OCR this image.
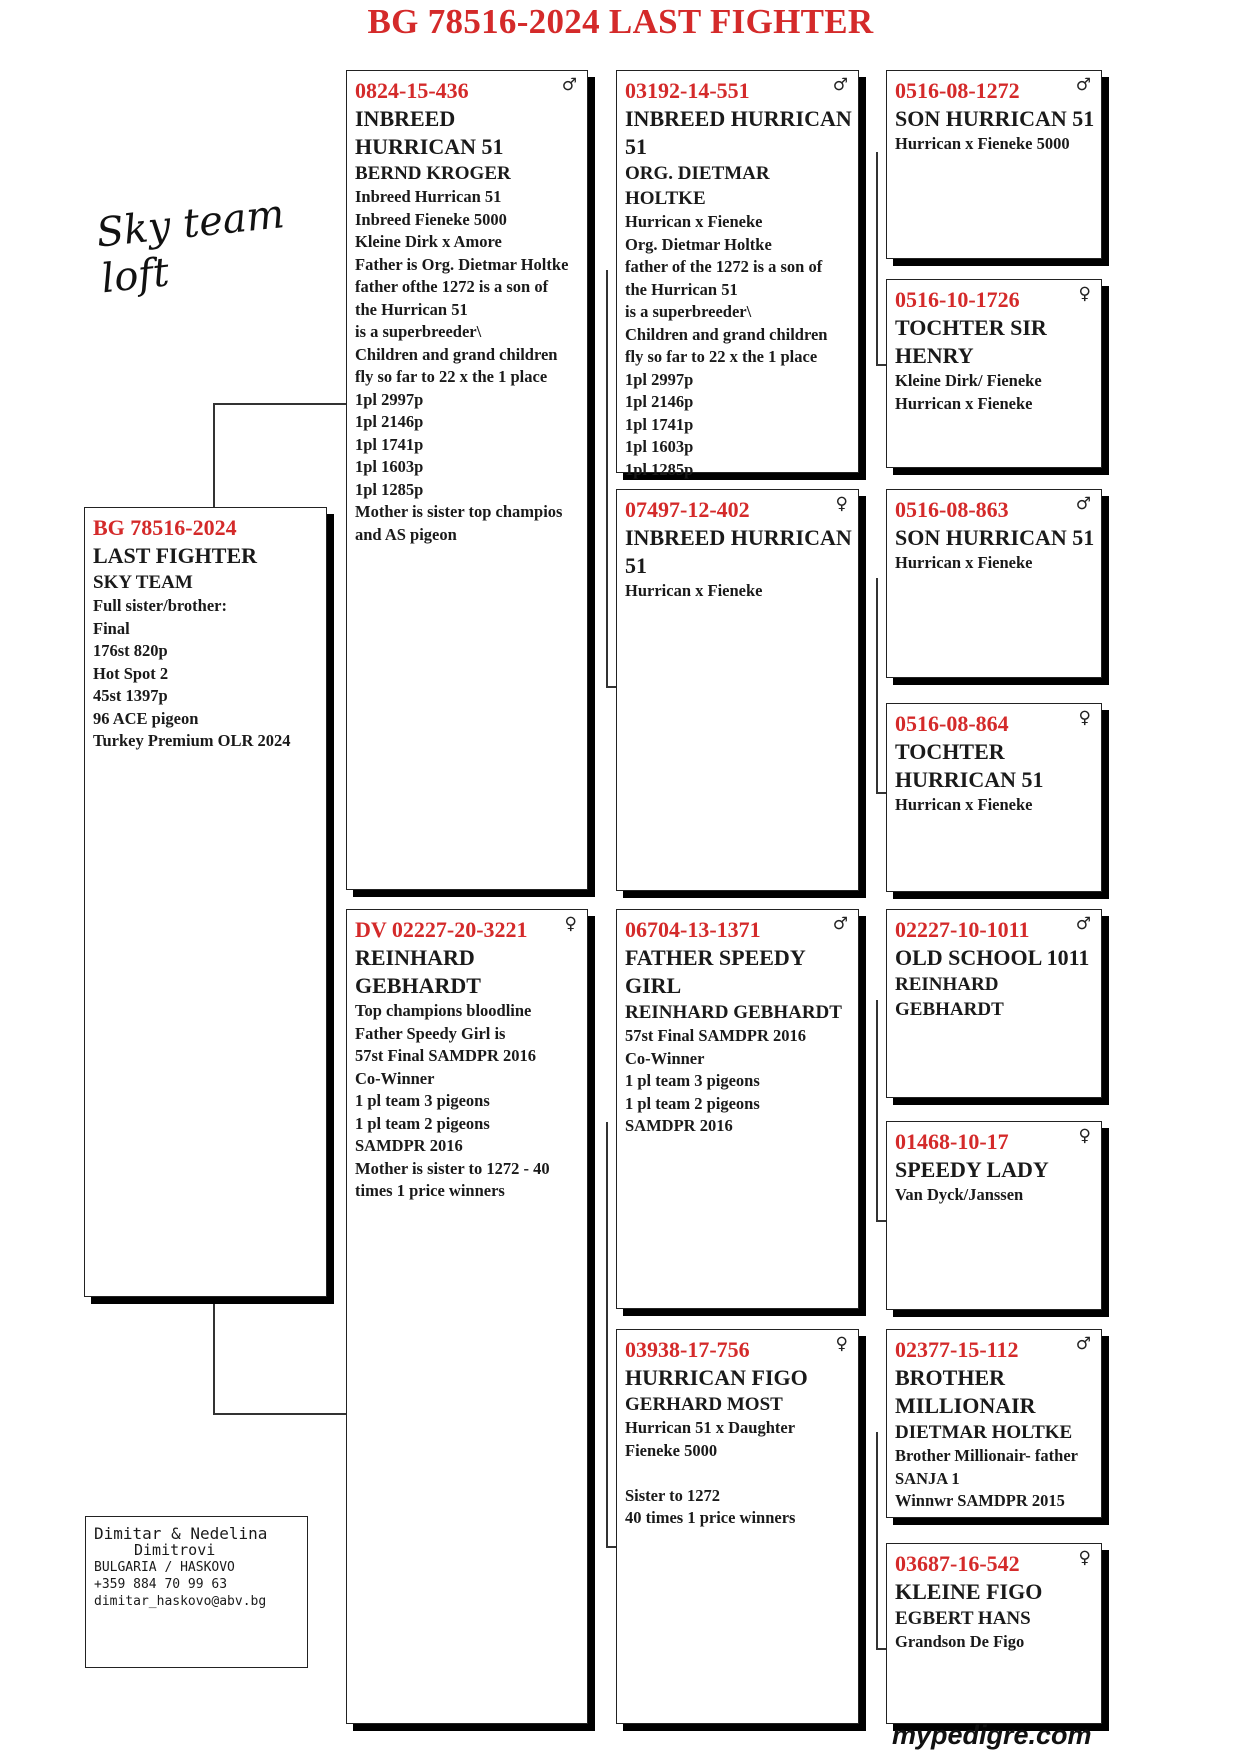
BG 78516-2024 LAST FIGHTER
Sky team loft
BG 78516-2024
LAST FIGHTER
SKY TEAM
Full sister/brother:
Final
176st 820p
Hot Spot 2
45st 1397p
96 ACE pigeon
Turkey Premium OLR 2024
♂
0824-15-436
INBREED HURRICAN 51
BERND KROGER
Inbreed Hurrican 51
Inbreed Fieneke 5000
Kleine Dirk x Amore
Father is Org. Dietmar Holtke
father ofthe 1272 is a son of
the Hurrican 51
is a superbreeder\
Children and grand children
fly so far to 22 x the 1 place
1pl 2997p
1pl 2146p
1pl 1741p
1pl 1603p
1pl 1285p
Mother is sister top champios
and AS pigeon
♀
DV 02227-20-3221
REINHARD GEBHARDT
Top champions bloodline
Father Speedy Girl is
57st Final SAMDPR 2016
Co-Winner
1 pl team 3 pigeons
1 pl team 2 pigeons
SAMDPR 2016
Mother is sister to 1272 - 40
times 1 price winners
♂
03192-14-551
INBREED HURRICAN 51
ORG. DIETMAR HOLTKE
Hurrican x Fieneke
Org. Dietmar Holtke
father of the 1272 is a son of
the Hurrican 51
is a superbreeder\
Children and grand children
fly so far to 22 x the 1 place
1pl 2997p
1pl 2146p
1pl 1741p
1pl 1603p
1pl 1285p
♀
07497-12-402
INBREED HURRICAN 51
Hurrican x Fieneke
♂
06704-13-1371
FATHER SPEEDY GIRL
REINHARD GEBHARDT
57st Final SAMDPR 2016
Co-Winner
1 pl team 3 pigeons
1 pl team 2 pigeons
SAMDPR 2016
♀
03938-17-756
HURRICAN FIGO
GERHARD MOST
Hurrican 51 x Daughter
Fieneke 5000

Sister to 1272
40 times 1 price winners
♂
0516-08-1272
SON HURRICAN 51
Hurrican x Fieneke 5000
♀
0516-10-1726
TOCHTER SIR HENRY
Kleine Dirk/ Fieneke
Hurrican x Fieneke
♂
0516-08-863
SON HURRICAN 51
Hurrican x Fieneke
♀
0516-08-864
TOCHTER HURRICAN 51
Hurrican x Fieneke
♂
02227-10-1011
OLD SCHOOL 1011
REINHARD GEBHARDT
♀
01468-10-17
SPEEDY LADY
Van Dyck/Janssen
♂
02377-15-112
BROTHER MILLIONAIR
DIETMAR HOLTKE
Brother Millionair- father
SANJA 1
Winnwr SAMDPR 2015
♀
03687-16-542
KLEINE FIGO
EGBERT HANS
Grandson De Figo
Dimitar & Nedelina
Dimitrovi
BULGARIA / HASKOVO
+359 884 70 99 63
dimitar_haskovo@abv.bg
mypedigre.com
